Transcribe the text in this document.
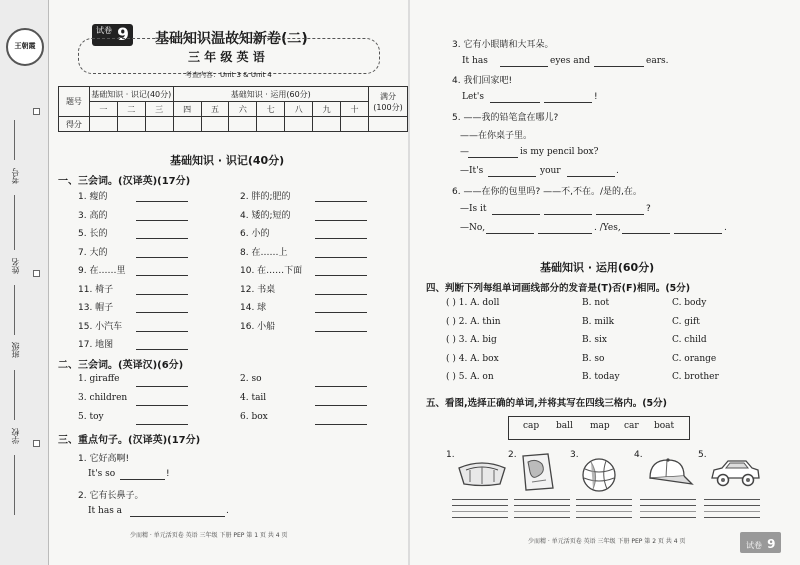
王朝霞
考号
姓名
班级
学校
$^{试卷}$ 9 基础知识温故知新卷(二)
三 年 级 英 语
考查内容：Unit 3 & Unit 4
题号	基础知识 · 识记(40分)			基础知识 · 运用(60分)							满分
(100分)

	一	二	三	四	五	六	七	八	九	十	
得分											
基础知识 · 识记(40分)
一、三会词。(汉译英)(17分)
1. 瘦的	2. 胖的;肥的
3. 高的	4. 矮的;短的
5. 长的	6. 小的
7. 大的	8. 在……上
9. 在……里	10. 在……下面
11. 椅子	12. 书桌
13. 帽子	14. 球
15. 小汽车	16. 小船
17. 地图
二、三会词。(英译汉)(6分)
1. giraffe	2. so
3. children	4. tail
5. toy	6. box
三、重点句子。(汉译英)(17分)
1. 它好高啊!
It's so	!
2. 它有长鼻子。
It has a	.
少而精 · 单元活页卷 英语 三年级 下册 PEP 第 1 页 共 4 页
3. 它有小眼睛和大耳朵。
It has	eyes and	ears.
4. 我们回家吧!
Let's	!
5. ——我的铅笔盒在哪儿?
——在你桌子里。
—	is my pencil box?
—It's	your	.
6. ——在你的包里吗? ——不,不在。/是的,在。
—Is it	?
—No,	. /Yes,	.
基础知识 · 运用(60分)
四、判断下列每组单词画线部分的发音是(T)否(F)相同。(5分)
( ) 1. A. doll	B. not	C. body
( ) 2. A. thin	B. milk	C. gift
( ) 3. A. big	B. six	C. child
( ) 4. A. box	B. so	C. orange
( ) 5. A. on	B. today	C. brother
五、看图,选择正确的单词,并将其写在四线三格内。(5分)
cap ball map car boat
1.	2.	3.	4.	5.
少而精 · 单元活页卷 英语 三年级 下册 PEP 第 2 页 共 4 页	试卷 9
